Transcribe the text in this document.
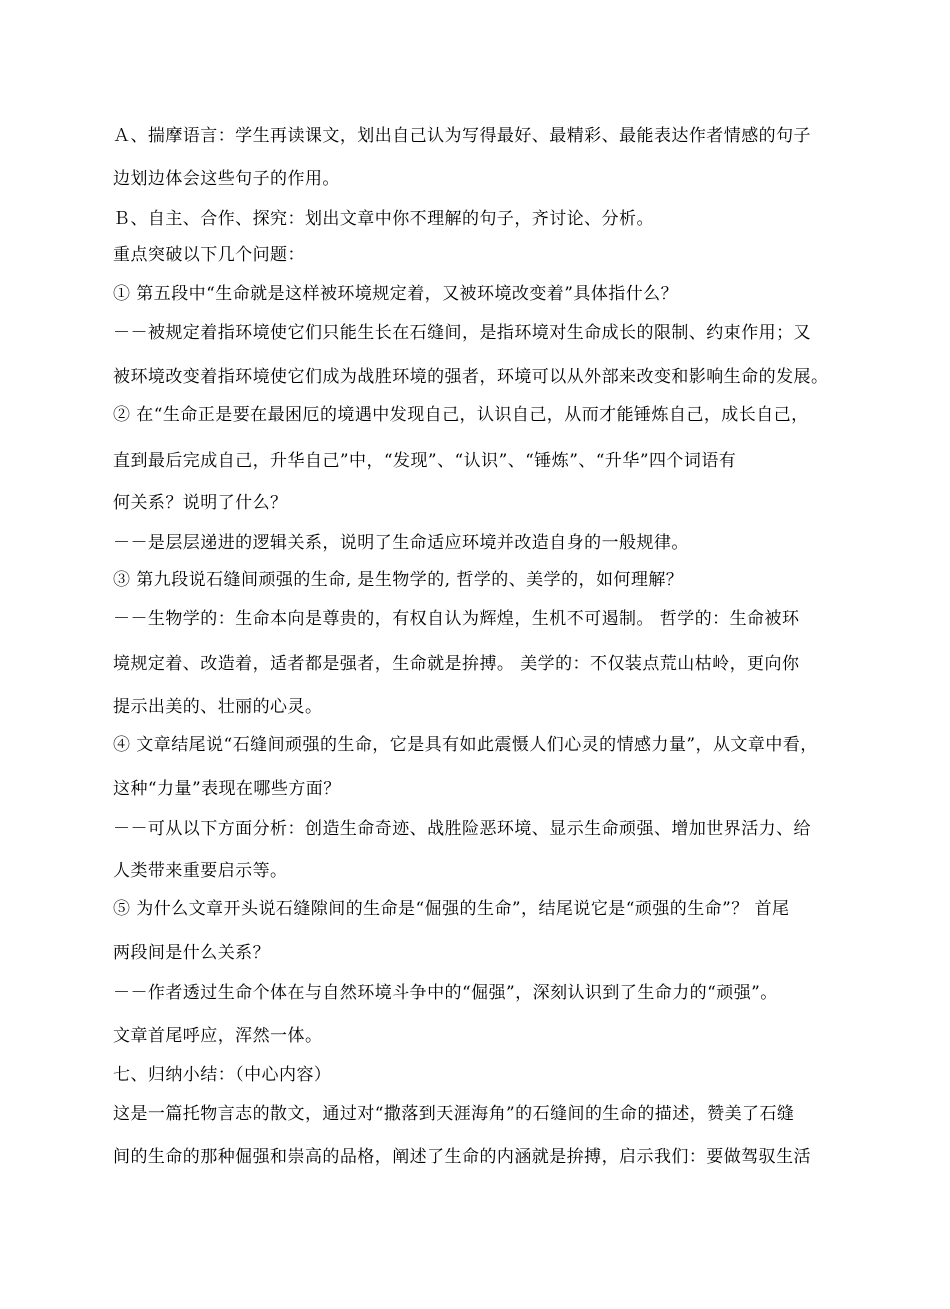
Ａ、揣摩语言：学生再读课文，划出自己认为写得最好、最精彩、最能表达作者情感的句子
边划边体会这些句子的作用。
Ｂ、自主、合作、探究：划出文章中你不理解的句子，齐讨论、分析。
重点突破以下几个问题：
① 第五段中“生命就是这样被环境规定着，又被环境改变着”具体指什么？
－－被规定着指环境使它们只能生长在石缝间，是指环境对生命成长的限制、约束作用；又
被环境改变着指环境使它们成为战胜环境的强者，环境可以从外部来改变和影响生命的发展。
② 在“生命正是要在最困厄的境遇中发现自己，认识自己，从而才能锤炼自己，成长自己，
直到最后完成自己，升华自己”中，“发现”、“认识”、“锤炼”、“升华”四个词语有
何关系？说明了什么？
－－是层层递进的逻辑关系，说明了生命适应环境并改造自身的一般规律。
③ 第九段说石缝间顽强的生命, 是生物学的, 哲学的、美学的，如何理解？
－－生物学的：生命本向是尊贵的，有权自认为辉煌，生机不可遏制。 哲学的：生命被环
境规定着、改造着，适者都是强者，生命就是拚搏。 美学的：不仅装点荒山枯岭，更向你
提示出美的、壮丽的心灵。
④ 文章结尾说“石缝间顽强的生命，它是具有如此震慑人们心灵的情感力量”，从文章中看，
这种“力量”表现在哪些方面？
－－可从以下方面分析：创造生命奇迹、战胜险恶环境、显示生命顽强、增加世界活力、给
人类带来重要启示等。
⑤ 为什么文章开头说石缝隙间的生命是“倔强的生命”，结尾说它是“顽强的生命”？ 首尾
两段间是什么关系？
－－作者透过生命个体在与自然环境斗争中的“倔强”，深刻认识到了生命力的“顽强”。
文章首尾呼应，浑然一体。
七、归纳小结：（中心内容）
这是一篇托物言志的散文，通过对“撒落到天涯海角”的石缝间的生命的描述，赞美了石缝
间的生命的那种倔强和崇高的品格，阐述了生命的内涵就是拚搏，启示我们：要做驾驭生活
